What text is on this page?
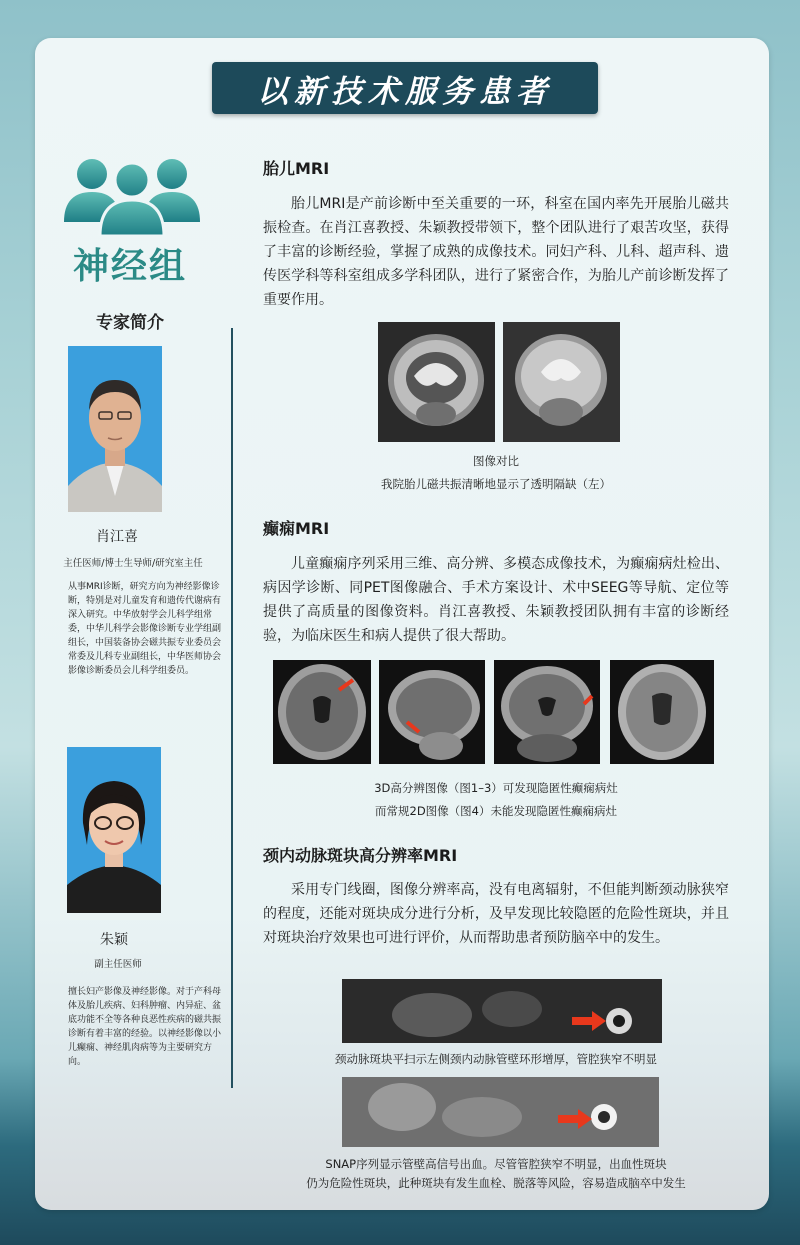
以新技术服务患者
神经组
专家简介
肖江喜
主任医师/博士生导师/研究室主任
从事MRI诊断，研究方向为神经影像诊断，特别是对儿童发育和遗传代谢病有深入研究。中华放射学会儿科学组常委，中华儿科学会影像诊断专业学组副组长，中国装备协会磁共振专业委员会常委及儿科专业副组长，中华医师协会影像诊断委员会儿科学组委员。
朱颖
副主任医师
擅长妇产影像及神经影像。对于产科母体及胎儿疾病、妇科肿瘤、内异症、盆底功能不全等各种良恶性疾病的磁共振诊断有着丰富的经验。以神经影像以小儿癫痫、神经肌肉病等为主要研究方向。
胎儿MRI
胎儿MRI是产前诊断中至关重要的一环，科室在国内率先开展胎儿磁共振检查。在肖江喜教授、朱颖教授带领下，整个团队进行了艰苦攻坚，获得了丰富的诊断经验，掌握了成熟的成像技术。同妇产科、儿科、超声科、遗传医学科等科室组成多学科团队，进行了紧密合作，为胎儿产前诊断发挥了重要作用。
图像对比
我院胎儿磁共振清晰地显示了透明隔缺（左）
癫痫MRI
儿童癫痫序列采用三维、高分辨、多模态成像技术，为癫痫病灶检出、病因学诊断、同PET图像融合、手术方案设计、术中SEEG等导航、定位等提供了高质量的图像资料。肖江喜教授、朱颖教授团队拥有丰富的诊断经验，为临床医生和病人提供了很大帮助。
3D高分辨图像（图1–3）可发现隐匿性癫痫病灶
而常规2D图像（图4）未能发现隐匿性癫痫病灶
颈内动脉斑块高分辨率MRI
采用专门线圈，图像分辨率高，没有电离辐射，不但能判断颈动脉狭窄的程度，还能对斑块成分进行分析，及早发现比较隐匿的危险性斑块，并且对斑块治疗效果也可进行评价，从而帮助患者预防脑卒中的发生。
颈动脉斑块平扫示左侧颈内动脉管壁环形增厚，管腔狭窄不明显
SNAP序列显示管壁高信号出血。尽管管腔狭窄不明显，出血性斑块
仍为危险性斑块，此种斑块有发生血栓、脱落等风险，容易造成脑卒中发生
